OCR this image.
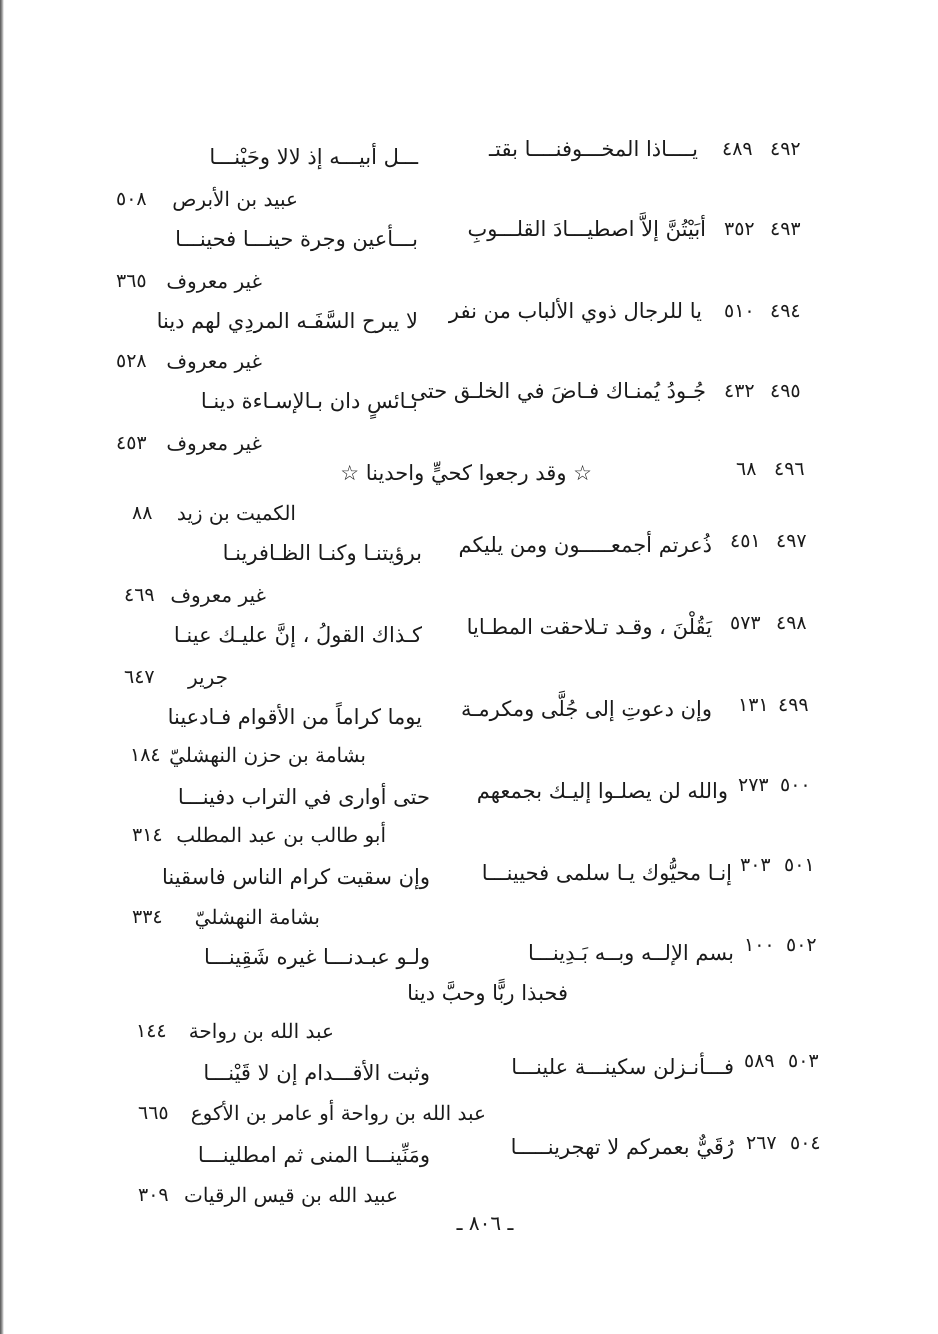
٤٩٢
٤٨٩
يــــاذا المخـــوفنــــا بقتـ
ـــل أبيـــه إذ لالا وحَيْنـــا
عبيد بن الأبرص
٥٠٨
٤٩٣
٣٥٢
أبَيْتُنَّ إلاَّ اصطيـــادَ القلـــوبِ
بـــأعين وجرة حينـــا فحينـــا
غير معروف
٣٦٥
٤٩٤
٥١٠
يا للرجال ذوي الألباب من نفر
لا يبرح السَّفَـه المردِي لهم دينا
غير معروف
٥٢٨
٤٩٥
٤٣٢
جُـودُ يُمنـاك فـاضَ في الخلـق حتى
بـائسٍ دان بـالإسـاءة دينـا
غير معروف
٤٥٣
٤٩٦
٦٨
☆ وقد رجعوا كحيٍّ واحدينا ☆
الكميت بن زيد
٨٨
٤٩٧
٤٥١
ذُعرتم أجمعـــــون ومن يليكم
برؤيتنـا وكنـا الظـافرينـا
غير معروف
٤٦٩
٤٩٨
٥٧٣
يَقُلْنَ ، وقـد تـلاحقت المطـايا
كـذاك القولُ ، إنَّ عليـك عينـا
جرير
٦٤٧
٤٩٩
١٣١
وإن دعوتِ إلى جُلَّى ومكرمـة
يوما كراماً من الأقوام فـادعينا
بشامة بن حزن النهشليّ
١٨٤
٥٠٠
٢٧٣
والله لن يصلـوا إليـك بجمعهم
حتى أوارى في التراب دفينـــا
أبو طالب بن عبد المطلب
٣١٤
٥٠١
٣٠٣
إنـا محيُّوك يـا سلمى فحيينـــا
وإن سقيت كرام الناس فاسقينا
بشامة النهشليّ
٣٣٤
٥٠٢
١٠٠
بسم الإلــه وبــه بَـدِينـــا
ولـو عبـدنـــا غيره شَقِينـــا
فحبذا ربًّا وحبَّ دينا
عبد الله بن رواحة
١٤٤
٥٠٣
٥٨٩
فـــأنـزلن سكينـــة علينـــا
وثبت الأقـــدام إن لا قَيْنـــا
عبد الله بن رواحة أو عامر بن الأكوع
٦٦٥
٥٠٤
٢٦٧
رُقَيٌّ بعمركم لا تهجرينـــــا
ومَنِّينـــا المنى ثم امطلينـــا
عبيد الله بن قيس الرقيات
٣٠٩
ـ ٨٠٦ ـ
